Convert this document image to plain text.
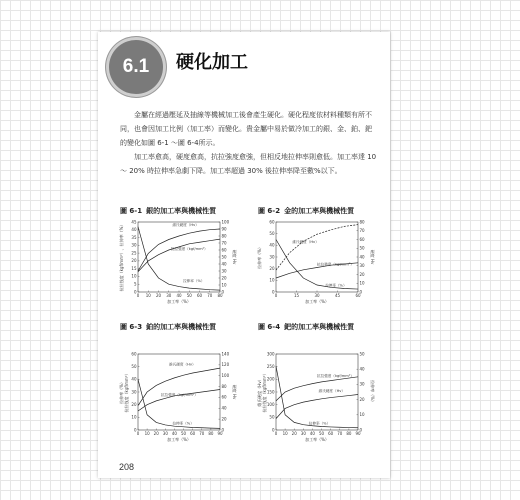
6.1 硬化加工

金屬在經過壓延及抽線等機械加工後會產生硬化。硬化程度依材料種類有所不同，也會因加工比例（加工率）而變化。貴金屬中易於做冷加工的銀、金、鉑、鈀的變化如圖 6-1 ～圖 6-4所示。

加工率愈高，硬度愈高，抗拉強度愈強，但相反地拉伸率則愈低。加工率達 10 ～ 20% 時拉伸率急劇下降。加工率超過 30% 後拉伸率降至數%以下。

圖 6-1 銀的加工率與機械性質	圖 6-2 金的加工率與機械性質
圖 6-3 鉑的加工率與機械性質	圖 6-4 鈀的加工率與機械性質
0 10 20 30 40 50 60 70 80
0
5
10
15
20
25
30
35
40
45
0
10
20
30
40
50
60
70
80
90
100
加工率（%）
抗拉強度（kgf/mm²）、拉伸率（%）	硬度 Hv
維氏硬度（Hv）
抗拉強度（kgf/mm²）
拉伸率（%）
0	15	30	45	60
0
10
20
30
40
50
60
0
10
20
30
40
50
60
70
80
加工率（%）
拉伸率（%）	硬度 Hv
維氏硬度（Hv）
抗拉強度（kgf/mm²）
拉伸率（%）
0 10 20 30 40 50 60 70 80 90
0
10
20
30
40
50
60
0
20
40
60
80
100
120
140
加工率（%）
拉伸率（%） 抗拉強度（kgf/mm²）	硬度 Hv
維氏硬度（Hv）
抗拉強度（kgf/mm²）
拉伸率（%）
0 10 20 30 40 50 60 70 80 90
0
50
100
150
200
250
300
0
10
20
30
40
50
加工率（%）
維氏硬度（Hv） 抗拉強度（kgf/mm²）	拉伸率（%）
抗拉強度（kgf/mm²）
維氏硬度（Hv）
拉伸率（%）
208
